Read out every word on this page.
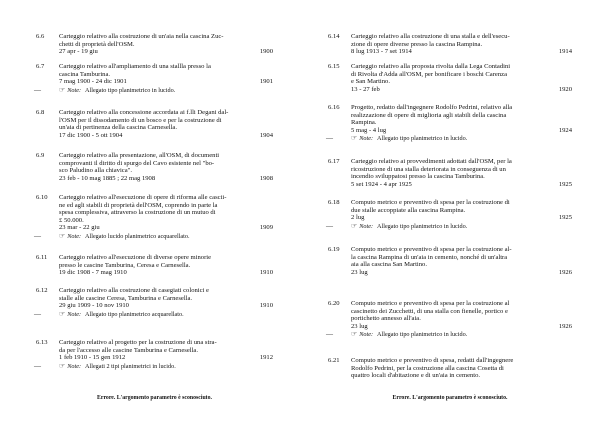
6.6	Carteggio relativo alla costruzione di un'aia nella cascina Zuc-
chetti di proprietà dell'OSM.
27 apr - 19 giu	1900
6.7	Carteggio relativo all'ampliamento di una stallla presso la
cascina Tamburina.
7 mag 1900 - 24 dic 1901	1901
—	☞ Note: Allegato tipo planimetrico in lucido.
6.8	Carteggio relativo alla concessione accordata ai f.lli Degani dal-
l'OSM per il dissodamento di un bosco e per la costruzione di
un'aia di pertinenza della cascina Carnesella.
17 dic 1900 - 5 ott 1904	1904
6.9	Carteggio relativo alla presentazione, all'OSM, di documenti
comprovanti il diritto di spurgo del Cavo esistente nel "bo-
sco Paludino alla chiavica".
23 feb - 10 mag 1885 ; 22 mag 1908	1908
6.10	Carteggio relativo all'esecuzione di opere di riforma alle cascii-
ne ed agli stabili di proprietà dell'OSM, coprendo in parte la
spesa complessiva, attraverso la costruzione di un mutuo di
£ 50.000.
23 mar - 22 giu	1909
—	☞ Note: Allegato lucido planimetrico acquarellato.
6.11	Carteggio relativo all'esecuzione di diverse opere minorie
presso le cascine Tamburina, Ceresa e Carnesella.
19 dic 1908 - 7 mag 1910	1910
6.12	Carteggio relativo alla costruzione di casegiati colonici e
stalle alle cascine Ceresa, Tamburina e Carnesella.
29 giu 1909 - 10 nov 1910	1910
—	☞ Note: Allegato tipo planimetrico acquarellato.
6.13	Carteggio relativo al progetto per la costruzione di una stra-
da per l'accesso alle cascine Tamburina e Carnesella.
1 feb 1910 - 15 gen 1912	1912
—	☞ Note: Allegati 2 tipi planimetrici in lucido.
6.14	Carteggio relativo alla costruzione di una stalla e dell'esecu-
zione di opere diverse presso la cascina Rampina.
8 lug 1913 - 7 set 1914	1914
6.15	Carteggio relativo alla proposta rivolta dalla Lega Contadini
di Rivolta d'Adda all'OSM, per bonificare i boschi Carenza
e San Martino.
13 - 27 feb	1920
6.16	Progetto, redatto dall'ingegnere Rodolfo Pedrini, relativo alla
realizzazione di opere di miglioria agli stabili della cascina
Rampina.
5 mag - 4 lug	1924
—	☞ Note: Allegato tipo planimetrico in lucido.
6.17	Carteggio relativo ai provvedimenti adottati dall'OSM, per la
ricostruzione di una stalla deteriorata in conseguenza di un
incendio sviluppatosi presso la cascina Tamburina.
5 set 1924 - 4 apr 1925	1925
6.18	Computo metrico e preventivo di spesa per la costruzione di
due stalle accoppiate alla cascina Rampina.
2 lug	1925
—	☞ Note: Allegato tipo planimetrico in lucido.
6.19	Computo metrico e preventivo di spesa per la costruzione al-
la cascina Rampina di un'aia in cemento, nonché di un'altra
aia alla cascina San Martino.
23 lug	1926
6.20	Computo metrico e preventivo di spesa per la costruzione al
cascinetto dei Zucchetti, di una stalla con fienelle, portico e
portichetto annesso all'aia.
23 lug	1926
—	☞ Note: Allegato tipo planimetrico in lucido.
6.21	Computo metrico e preventivo di spesa, redatti dall'ingegnere
Rodolfo Pedrini, per la costruzione alla cascina Cosetta di
quattro locali d'abitazione e di un'aia in cemento.
Errore. L'argomento parametro è sconosciuto.	Errore. L'argomento parametro è sconosciuto.
